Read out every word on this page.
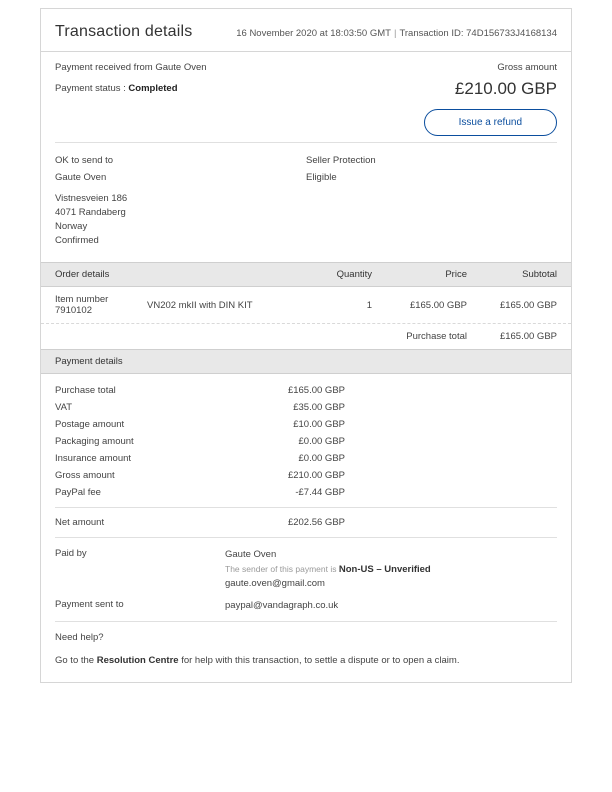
Transaction details	16 November 2020 at 18:03:50 GMT | Transaction ID: 74D156733J4168134
Payment received from Gaute Oven
Payment status : Completed
Gross amount
£210.00 GBP
Issue a refund
OK to send to
Gaute Oven
Vistnesveien 186
4071 Randaberg
Norway
Confirmed
Seller Protection
Eligible
Order details	Quantity	Price	Subtotal
Item number 7910102	VN202 mkII with DIN KIT	1	£165.00 GBP	£165.00 GBP
Purchase total	£165.00 GBP
Payment details
Purchase total	£165.00 GBP
VAT	£35.00 GBP
Postage amount	£10.00 GBP
Packaging amount	£0.00 GBP
Insurance amount	£0.00 GBP
Gross amount	£210.00 GBP
PayPal fee	-£7.44 GBP
Net amount	£202.56 GBP
Paid by	Gaute Oven
The sender of this payment is Non-US – Unverified
gaute.oven@gmail.com
Payment sent to	paypal@vandagraph.co.uk
Need help?
Go to the Resolution Centre for help with this transaction, to settle a dispute or to open a claim.
